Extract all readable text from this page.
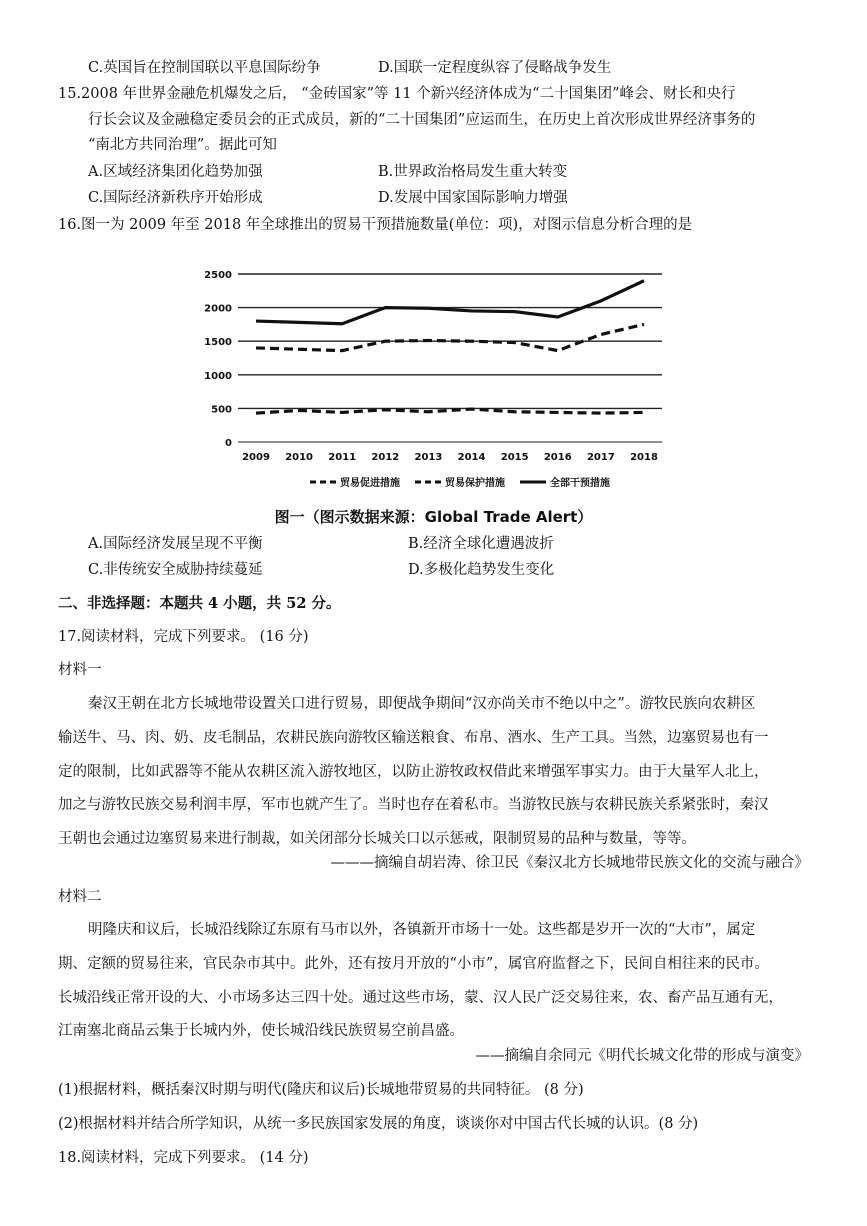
C.英国旨在控制国联以平息国际纷争	D.国联一定程度纵容了侵略战争发生
15.2008 年世界金融危机爆发之后， “金砖国家”等 11 个新兴经济体成为“二十国集团”峰会、财长和央行
行长会议及金融稳定委员会的正式成员，新的“二十国集团”应运而生，在历史上首次形成世界经济事务的
“南北方共同治理”。据此可知
A.区域经济集团化趋势加强	B.世界政治格局发生重大转变
C.国际经济新秩序开始形成	D.发展中国家国际影响力增强
16.图一为 2009 年至 2018 年全球推出的贸易干预措施数量(单位：项)，对图示信息分析合理的是
0
500
1000
1500
2000
2500
2009 2010 2011 2012 2013 2014 2015 2016 2017 2018
贸易促进措施	贸易保护措施	全部干预措施
图一（图示数据来源：Global Trade Alert）
A.国际经济发展呈现不平衡	B.经济全球化遭遇波折
C.非传统安全威胁持续蔓延	D.多极化趋势发生变化
二、非选择题：本题共 4 小题，共 52 分。
17.阅读材料，完成下列要求。 (16 分)
材料一
秦汉王朝在北方长城地带设置关口进行贸易，即便战争期间“汉亦尚关市不绝以中之”。游牧民族向农耕区
输送牛、马、肉、奶、皮毛制品，农耕民族向游牧区输送粮食、布帛、酒水、生产工具。当然，边塞贸易也有一
定的限制，比如武器等不能从农耕区流入游牧地区，以防止游牧政权借此来增强军事实力。由于大量军人北上，
加之与游牧民族交易利润丰厚，军市也就产生了。当时也存在着私市。当游牧民族与农耕民族关系紧张时，秦汉
王朝也会通过边塞贸易来进行制裁，如关闭部分长城关口以示惩戒，限制贸易的品种与数量，等等。
———摘编自胡岩涛、徐卫民《秦汉北方长城地带民族文化的交流与融合》
材料二
明隆庆和议后，长城沿线除辽东原有马市以外，各镇新开市场十一处。这些都是岁开一次的“大市”，属定
期、定额的贸易往来，官民杂市其中。此外，还有按月开放的“小市”，属官府监督之下，民间自相往来的民市。
长城沿线正常开设的大、小市场多达三四十处。通过这些市场，蒙、汉人民广泛交易往来，农、畜产品互通有无，
江南塞北商品云集于长城内外，使长城沿线民族贸易空前昌盛。
——摘编自余同元《明代长城文化带的形成与演变》
(1)根据材料，概括秦汉时期与明代(隆庆和议后)长城地带贸易的共同特征。 (8 分)
(2)根据材料并结合所学知识，从统一多民族国家发展的角度，谈谈你对中国古代长城的认识。(8 分)
18.阅读材料，完成下列要求。 (14 分)
